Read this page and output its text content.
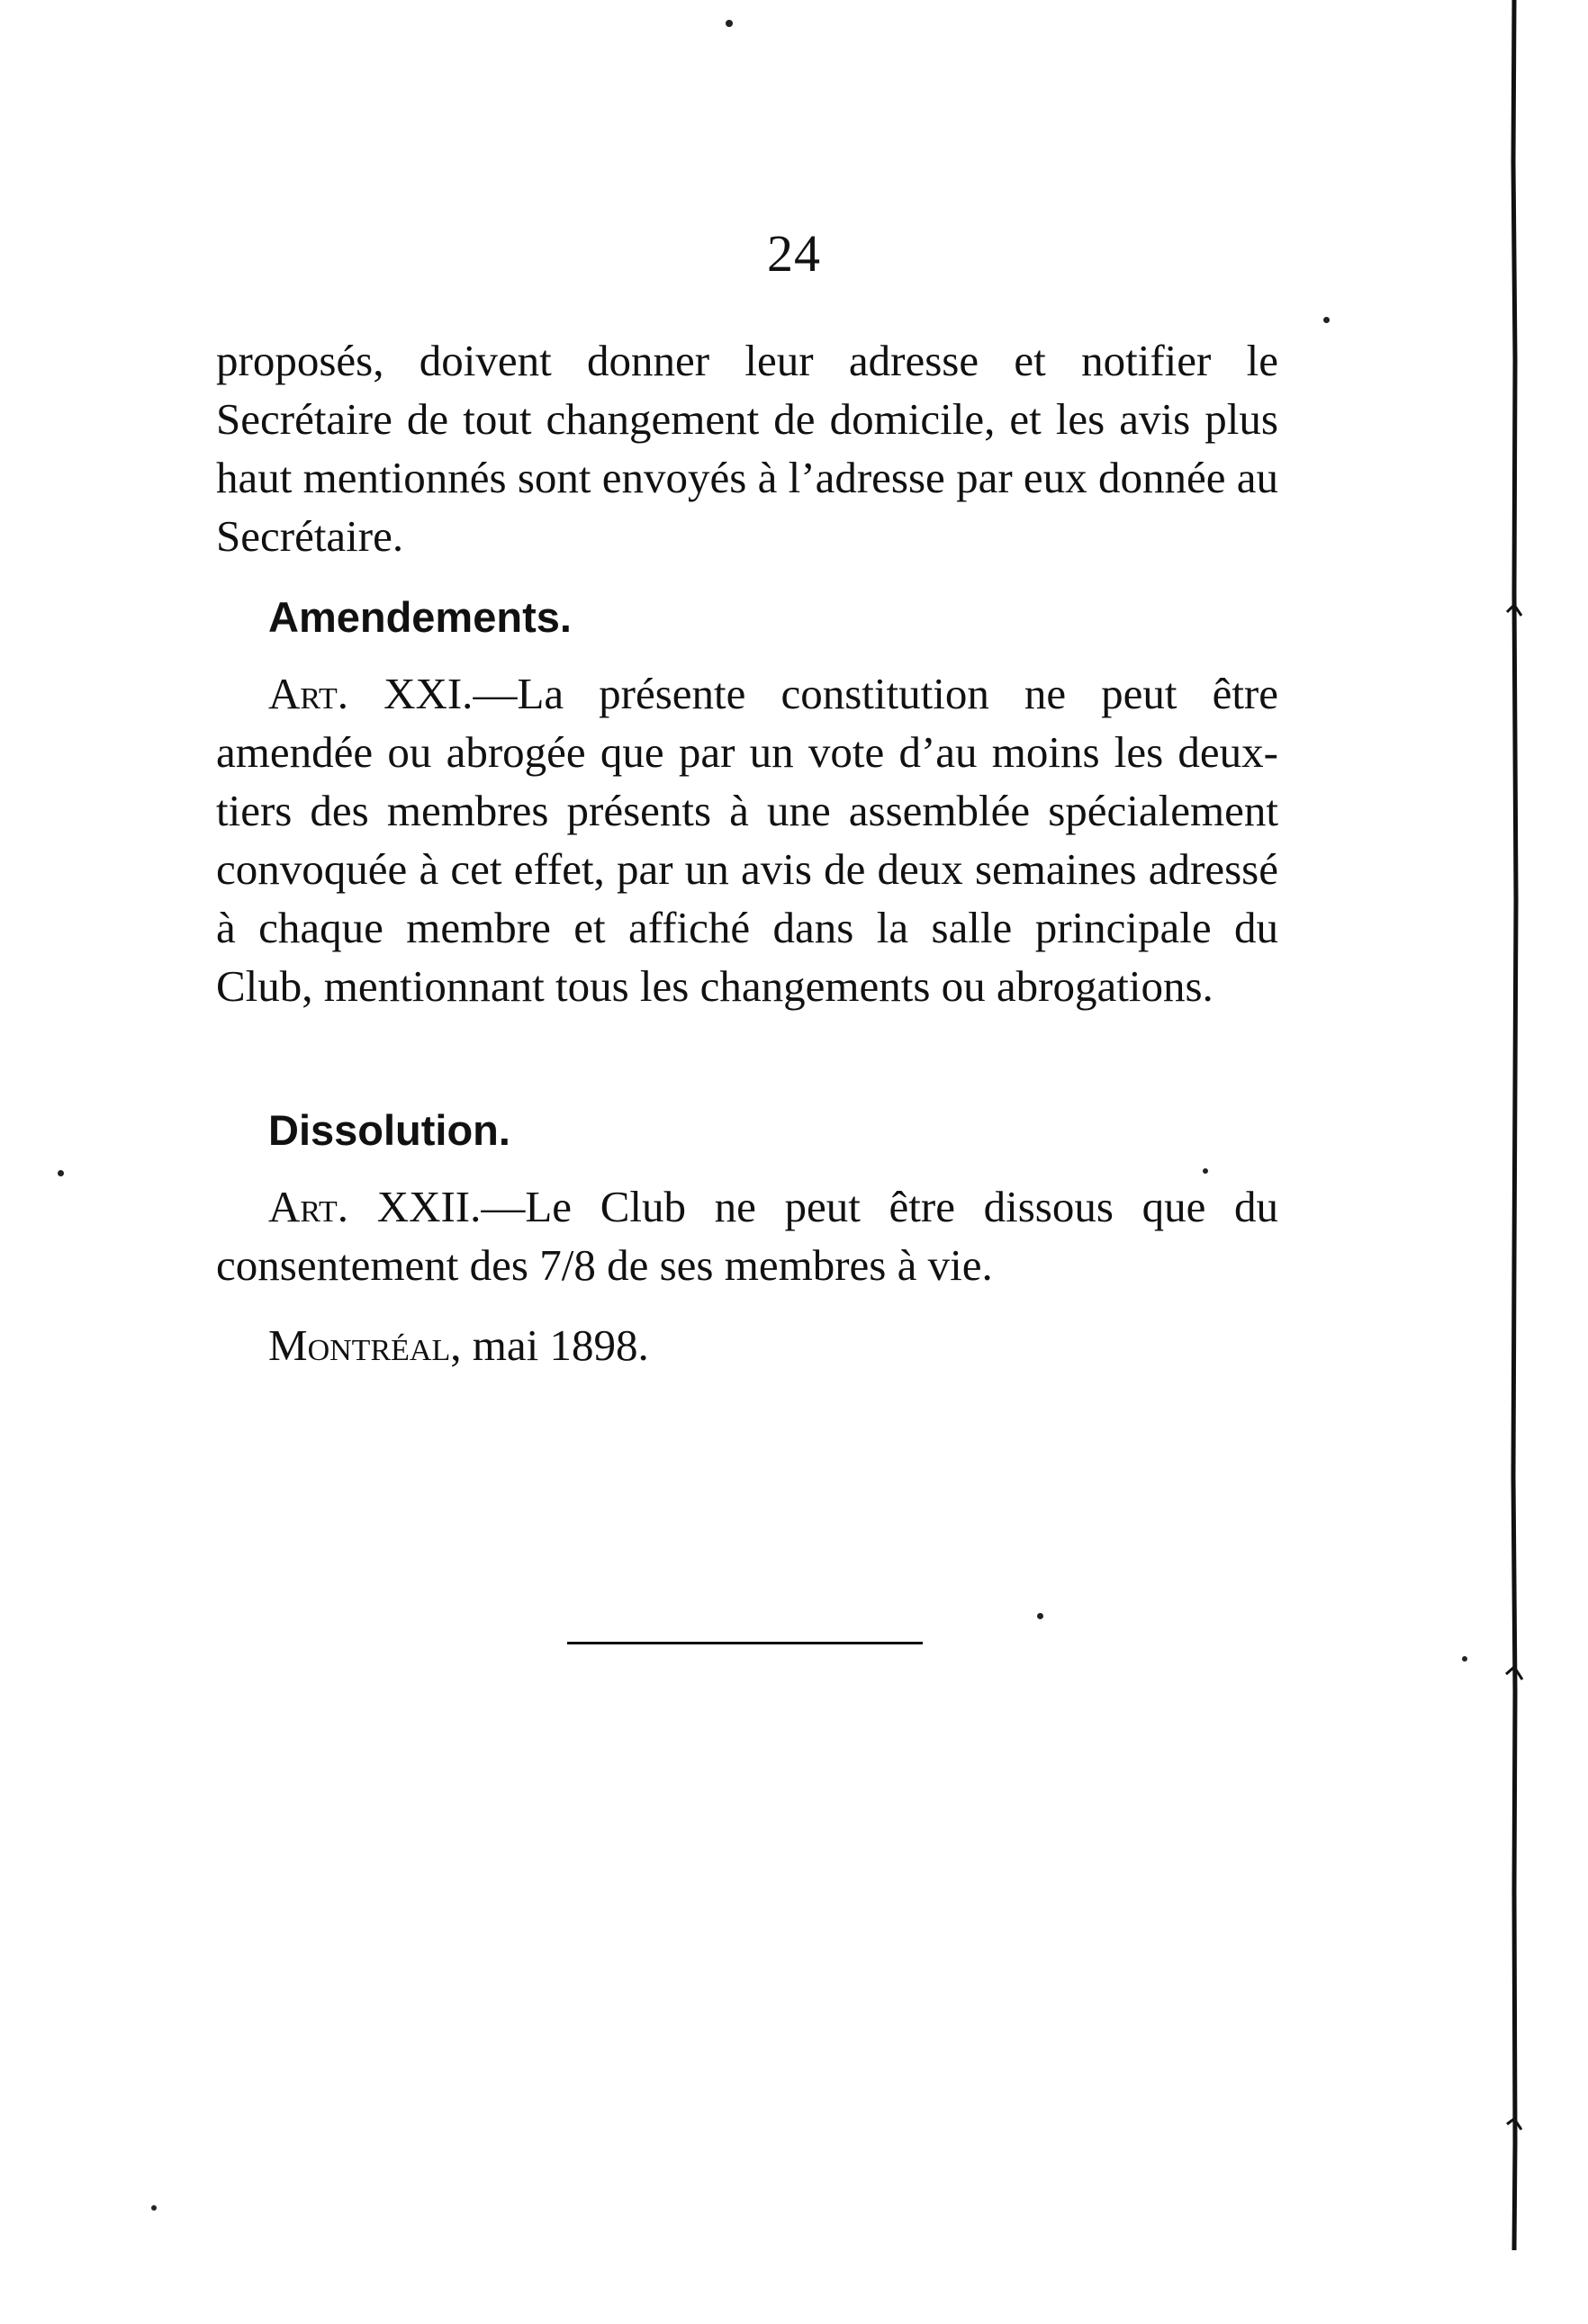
24

proposés, doivent donner leur adresse et notifier le Secrétaire de tout changement de domicile, et les avis plus haut mentionnés sont envoyés à l’adresse par eux donnée au Secrétaire.

Amendements.

Art. XXI.—La présente constitution ne peut être amendée ou abrogée que par un vote d’au moins les deux-tiers des membres présents à une assemblée spécialement convoquée à cet effet, par un avis de deux semaines adressé à chaque membre et affiché dans la salle principale du Club, mentionnant tous les changements ou abrogations.

Dissolution.

Art. XXII.—Le Club ne peut être dissous que du consentement des 7/8 de ses membres à vie.

Montréal, mai 1898.
